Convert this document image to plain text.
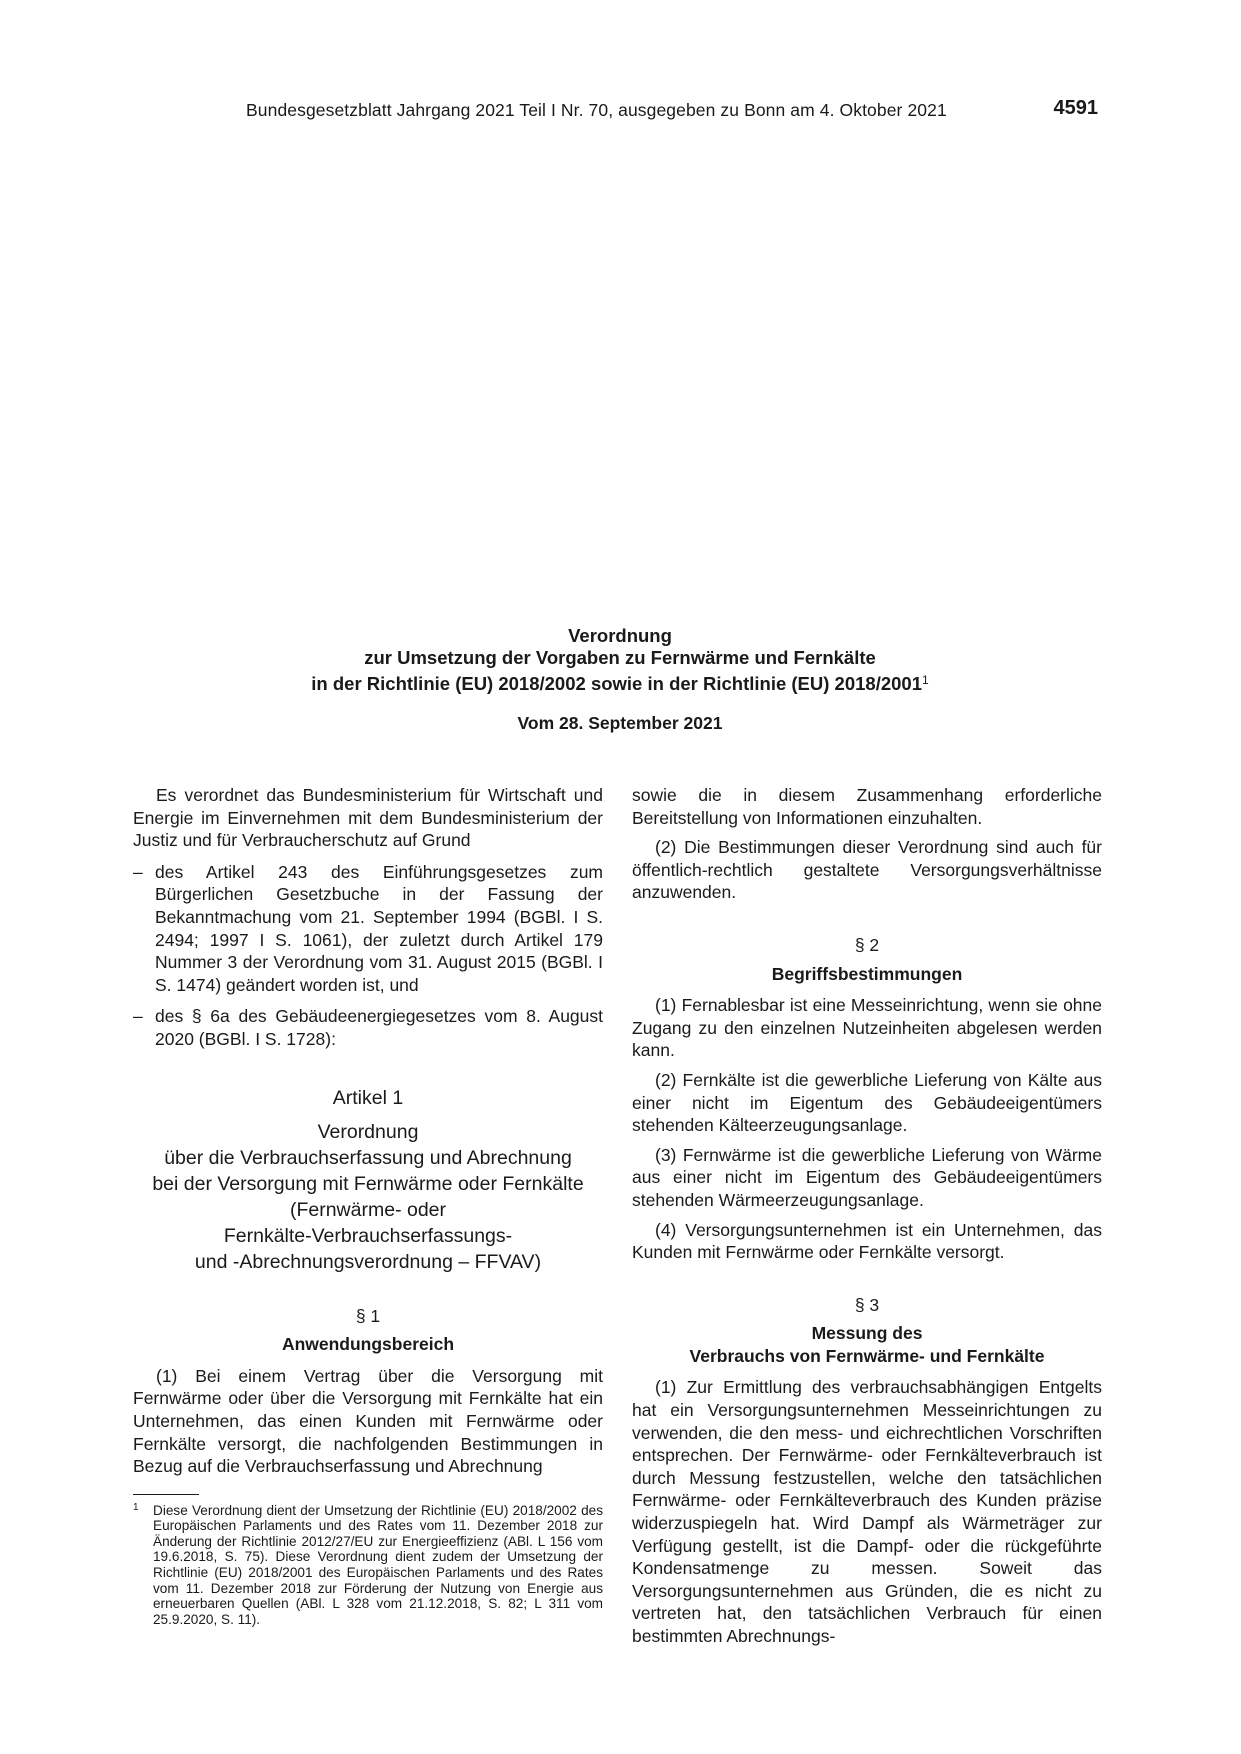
Bundesgesetzblatt Jahrgang 2021 Teil I Nr. 70, ausgegeben zu Bonn am 4. Oktober 2021	4591
Verordnung
zur Umsetzung der Vorgaben zu Fernwärme und Fernkälte
in der Richtlinie (EU) 2018/2002 sowie in der Richtlinie (EU) 2018/2001$^1$
Vom 28. September 2021

Es verordnet das Bundesministerium für Wirtschaft und Energie im Einvernehmen mit dem Bundesministerium der Justiz und für Verbraucherschutz auf Grund

– des Artikel 243 des Einführungsgesetzes zum Bürgerlichen Gesetzbuche in der Fassung der Bekanntmachung vom 21. September 1994 (BGBl. I S. 2494; 1997 I S. 1061), der zuletzt durch Artikel 179 Nummer 3 der Verordnung vom 31. August 2015 (BGBl. I S. 1474) geändert worden ist, und
– des § 6a des Gebäudeenergiegesetzes vom 8. August 2020 (BGBl. I S. 1728):
Artikel 1
Verordnung
über die Verbrauchserfassung und Abrechnung
bei der Versorgung mit Fernwärme oder Fernkälte
(Fernwärme- oder
Fernkälte-Verbrauchserfassungs-
und -Abrechnungsverordnung – FFVAV)
§ 1
Anwendungsbereich

(1) Bei einem Vertrag über die Versorgung mit Fernwärme oder über die Versorgung mit Fernkälte hat ein Unternehmen, das einen Kunden mit Fernwärme oder Fernkälte versorgt, die nachfolgenden Bestimmungen in Bezug auf die Verbrauchserfassung und Abrechnung

1 Diese Verordnung dient der Umsetzung der Richtlinie (EU) 2018/2002 des Europäischen Parlaments und des Rates vom 11. Dezember 2018 zur Änderung der Richtlinie 2012/27/EU zur Energieeffizienz (ABl. L 156 vom 19.6.2018, S. 75). Diese Verordnung dient zudem der Umsetzung der Richtlinie (EU) 2018/2001 des Europäischen Parlaments und des Rates vom 11. Dezember 2018 zur Förderung der Nutzung von Energie aus erneuerbaren Quellen (ABl. L 328 vom 21.12.2018, S. 82; L 311 vom 25.9.2020, S. 11).

sowie die in diesem Zusammenhang erforderliche Bereitstellung von Informationen einzuhalten.

(2) Die Bestimmungen dieser Verordnung sind auch für öffentlich-rechtlich gestaltete Versorgungsverhältnisse anzuwenden.

§ 2
Begriffsbestimmungen

(1) Fernablesbar ist eine Messeinrichtung, wenn sie ohne Zugang zu den einzelnen Nutzeinheiten abgelesen werden kann.

(2) Fernkälte ist die gewerbliche Lieferung von Kälte aus einer nicht im Eigentum des Gebäudeeigentümers stehenden Kälteerzeugungsanlage.

(3) Fernwärme ist die gewerbliche Lieferung von Wärme aus einer nicht im Eigentum des Gebäudeeigentümers stehenden Wärmeerzeugungsanlage.

(4) Versorgungsunternehmen ist ein Unternehmen, das Kunden mit Fernwärme oder Fernkälte versorgt.

§ 3
Messung des
Verbrauchs von Fernwärme- und Fernkälte

(1) Zur Ermittlung des verbrauchsabhängigen Entgelts hat ein Versorgungsunternehmen Messeinrichtungen zu verwenden, die den mess- und eichrechtlichen Vorschriften entsprechen. Der Fernwärme- oder Fernkälteverbrauch ist durch Messung festzustellen, welche den tatsächlichen Fernwärme- oder Fernkälteverbrauch des Kunden präzise widerzuspiegeln hat. Wird Dampf als Wärmeträger zur Verfügung gestellt, ist die Dampf- oder die rückgeführte Kondensatmenge zu messen. Soweit das Versorgungsunternehmen aus Gründen, die es nicht zu vertreten hat, den tatsächlichen Verbrauch für einen bestimmten Abrechnungs-
